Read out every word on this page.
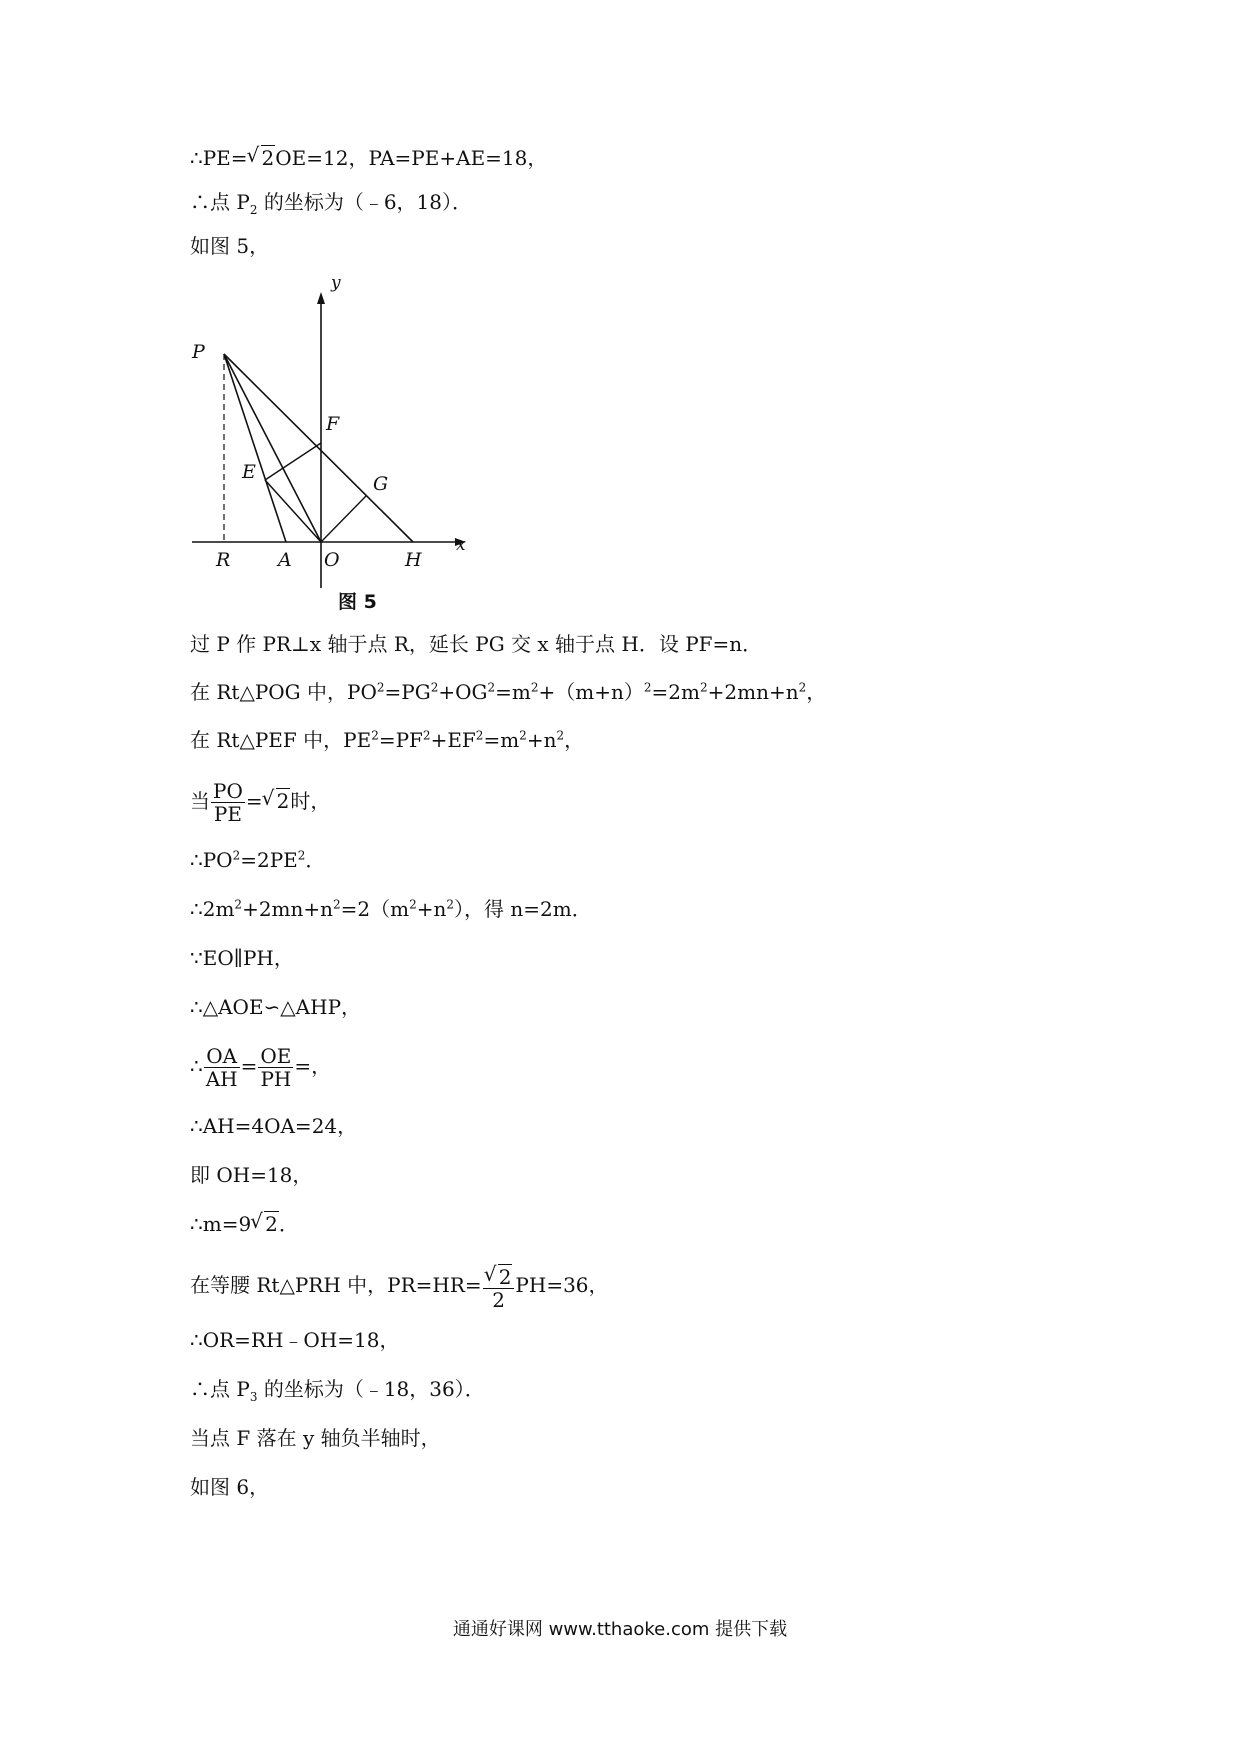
∴PE= √ 2OE=12，PA=PE+AE=18，
∴点 $P_2$ 的坐标为（﹣6，18）．
如图 5，
P
y
F
G
E
R	A O	H
x
图 5
过 P 作 PR⊥x 轴于点 R，延长 PG 交 x 轴于点 H．设 PF=n．
在 Rt△POG 中，$PO^2=PG^2+OG^2=m^2+(m+n)^2=2m^2+2mn+n^2$，
在 Rt△PEF 中，$PE^2=PF^2+EF^2=m^2+n^2$，
当 $\frac{PO}{PE}$ = √ 2时，
$\therefore PO^2=2PE^2$．
$\therefore 2m^2+2mn+n^2=2(m^2+n^2)$，得 n=2m．
∵EO∥PH，
∴△AOE∽△AHP，
∴ $\frac{OA}{AH} = \frac{OE}{PH}$ =，
∴AH=4OA=24，
即 OH=18，
∴m=9 √ 2．
在等腰 Rt△PRH 中，PR=HR= √ $\frac{2}{2} PH=36$，
∴OR=RH﹣OH=18，
∴点 $P_3$ 的坐标为（﹣18，36）．
当点 F 落在 y 轴负半轴时，
如图 6，
通通好课网 www.tthaoke.com 提供下载
